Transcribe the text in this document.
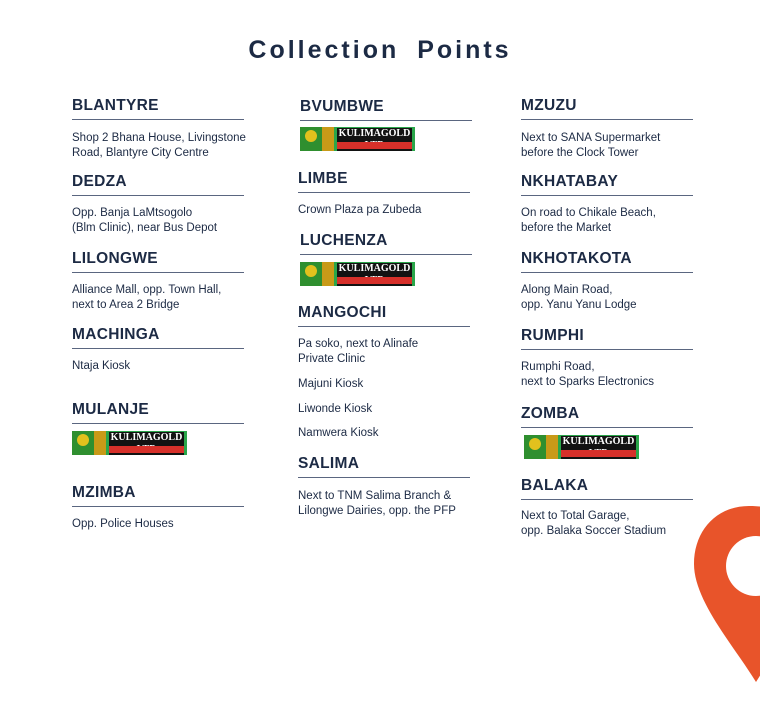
Collection Points
BLANTYRE
Shop 2 Bhana House, Livingstone
Road, Blantyre City Centre
DEDZA
Opp. Banja LaMtsogolo
(Blm Clinic), near Bus Depot
LILONGWE
Alliance Mall, opp. Town Hall,
next to Area 2 Bridge
MACHINGA
Ntaja Kiosk
MULANJE
KULIMAGOLD
MZIMBA
Opp. Police Houses
BVUMBWE
KULIMAGOLD
LIMBE
Crown Plaza pa Zubeda
LUCHENZA
KULIMAGOLD
MANGOCHI
Pa soko, next to Alinafe
Private Clinic
Majuni Kiosk
Liwonde Kiosk
Namwera Kiosk
SALIMA
Next to TNM Salima Branch &
Lilongwe Dairies, opp. the PFP
MZUZU
Next to SANA Supermarket
before the Clock Tower
NKHATABAY
On road to Chikale Beach,
before the Market
NKHOTAKOTA
Along Main Road,
opp. Yanu Yanu Lodge
RUMPHI
Rumphi Road,
next to Sparks Electronics
ZOMBA
KULIMAGOLD
BALAKA
Next to Total Garage,
opp. Balaka Soccer Stadium
